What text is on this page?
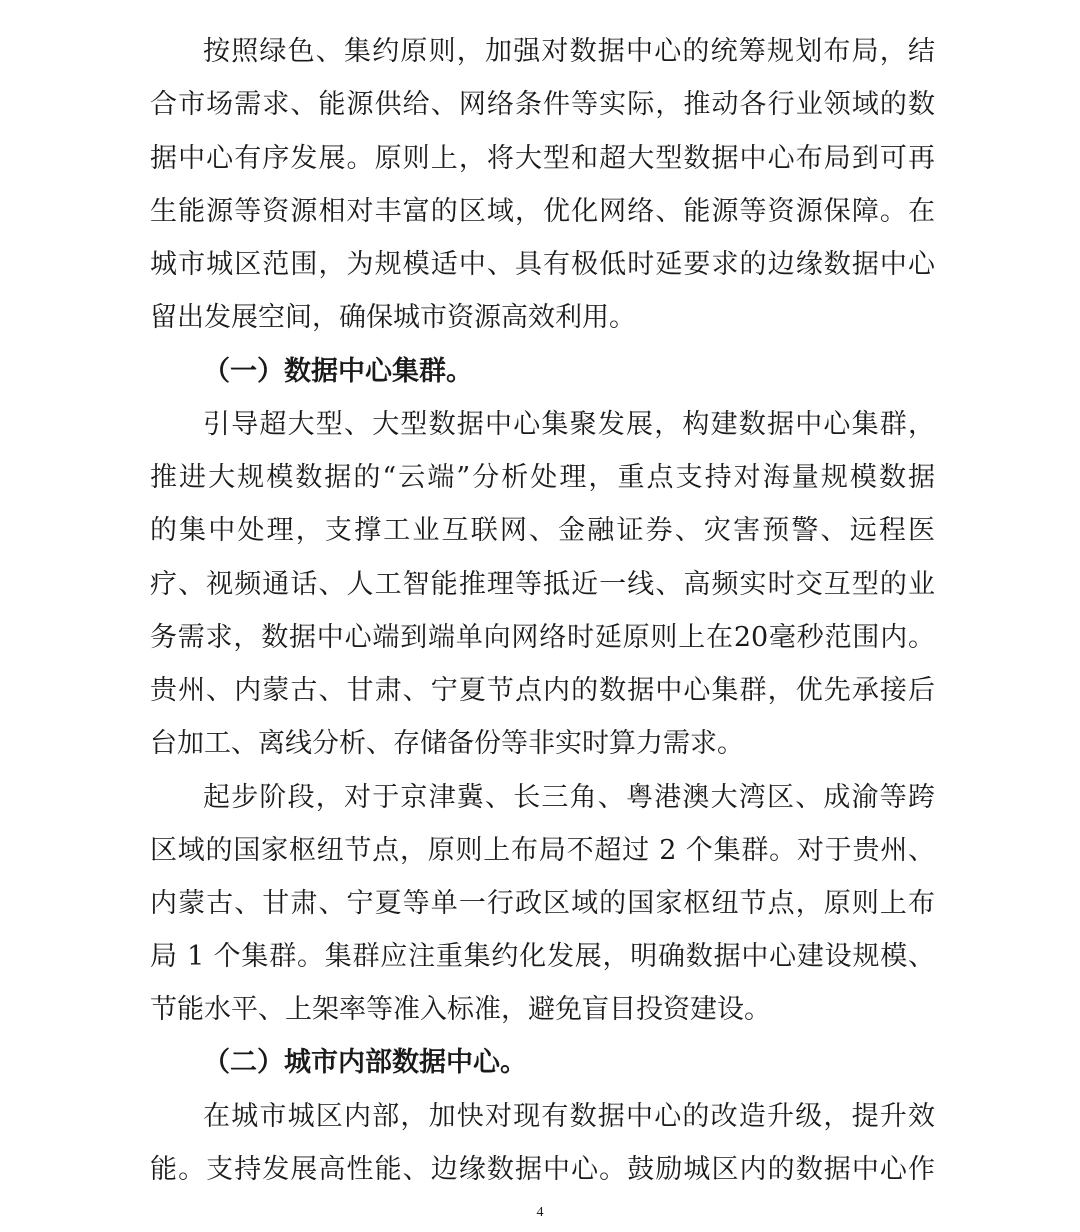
按照绿色、集约原则，加强对数据中心的统筹规划布局，结
合市场需求、能源供给、网络条件等实际，推动各行业领域的数
据中心有序发展。原则上，将大型和超大型数据中心布局到可再
生能源等资源相对丰富的区域，优化网络、能源等资源保障。在
城市城区范围，为规模适中、具有极低时延要求的边缘数据中心
留出发展空间，确保城市资源高效利用。
（一）数据中心集群。
引导超大型、大型数据中心集聚发展，构建数据中心集群，
推进大规模数据的“云端”分析处理，重点支持对海量规模数据
的集中处理，支撑工业互联网、金融证券、灾害预警、远程医
疗、视频通话、人工智能推理等抵近一线、高频实时交互型的业
务需求，数据中心端到端单向网络时延原则上在20毫秒范围内。
贵州、内蒙古、甘肃、宁夏节点内的数据中心集群，优先承接后
台加工、离线分析、存储备份等非实时算力需求。
起步阶段，对于京津冀、长三角、粤港澳大湾区、成渝等跨
区域的国家枢纽节点，原则上布局不超过 2 个集群。对于贵州、
内蒙古、甘肃、宁夏等单一行政区域的国家枢纽节点，原则上布
局 1 个集群。集群应注重集约化发展，明确数据中心建设规模、
节能水平、上架率等准入标准，避免盲目投资建设。
（二）城市内部数据中心。
在城市城区内部，加快对现有数据中心的改造升级，提升效
能。支持发展高性能、边缘数据中心。鼓励城区内的数据中心作
4
